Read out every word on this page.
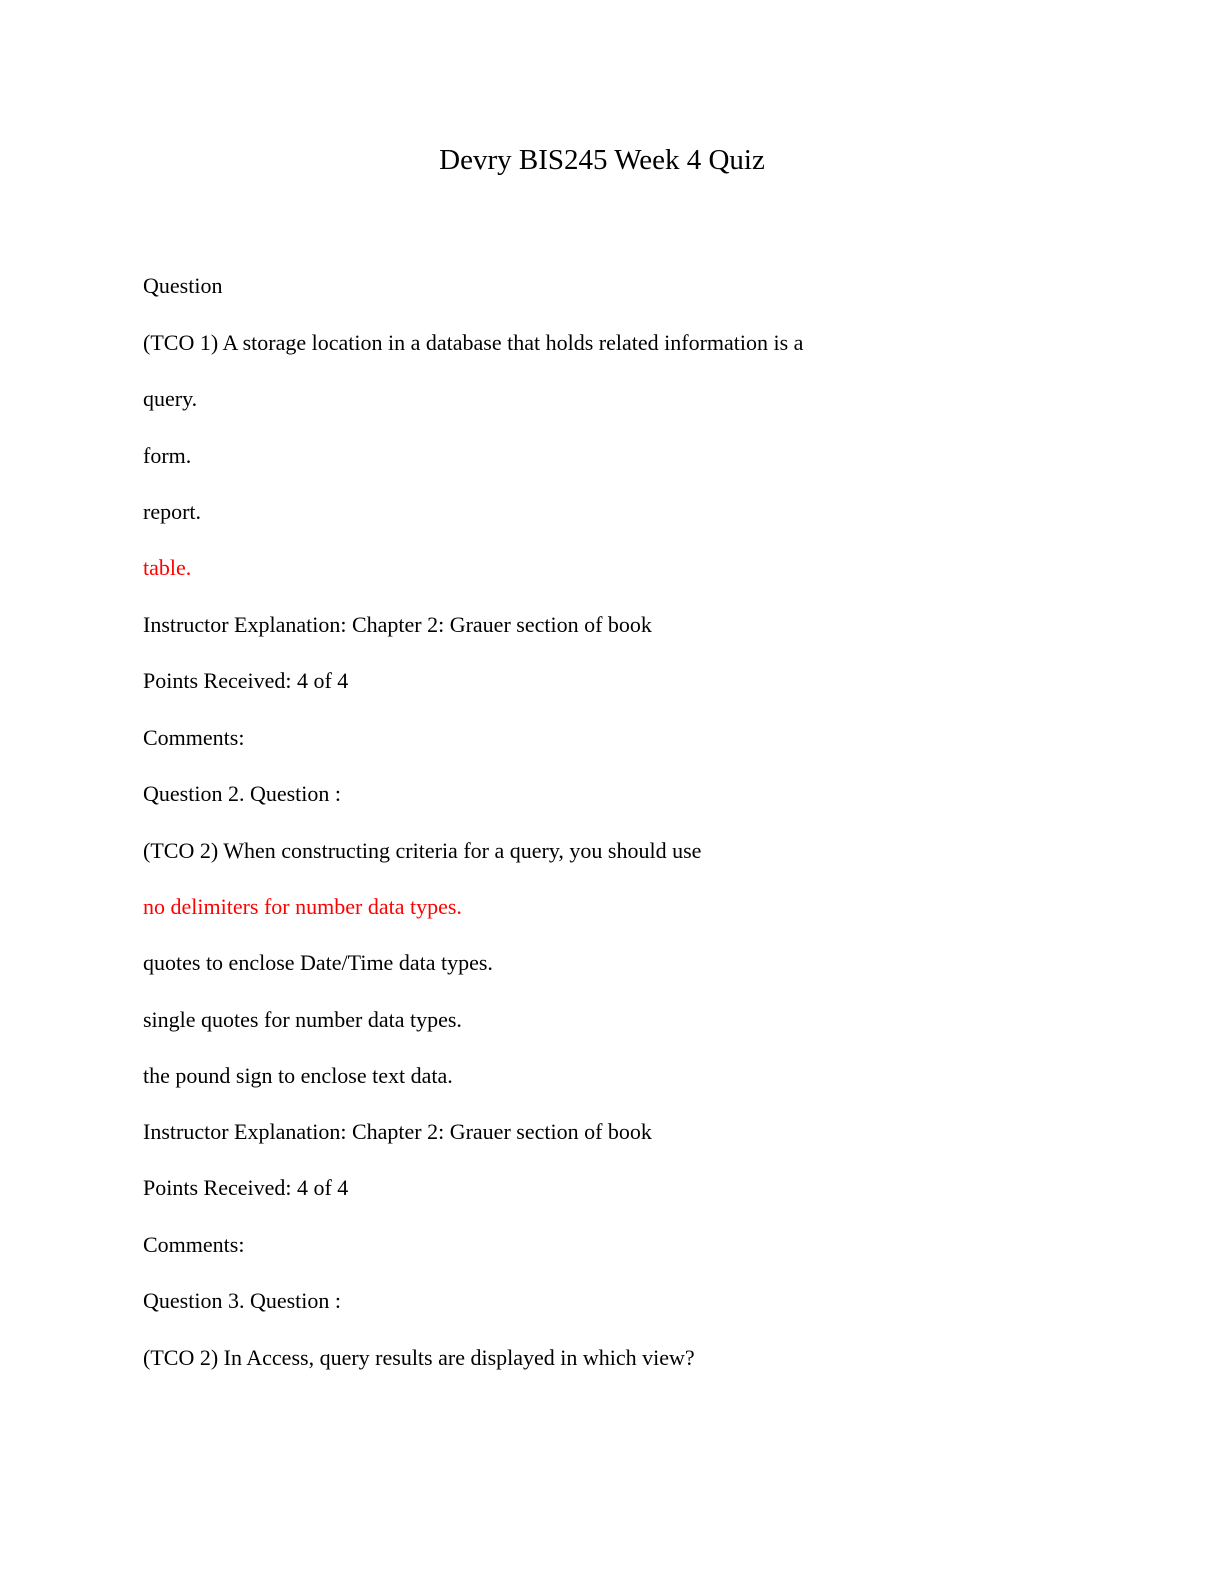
Devry BIS245 Week 4 Quiz

Question

(TCO 1) A storage location in a database that holds related information is a

query.

form.

report.

table.

Instructor Explanation: Chapter 2: Grauer section of book

Points Received: 4 of 4

Comments:

Question 2. Question :

(TCO 2) When constructing criteria for a query, you should use

no delimiters for number data types.

quotes to enclose Date/Time data types.

single quotes for number data types.

the pound sign to enclose text data.

Instructor Explanation: Chapter 2: Grauer section of book

Points Received: 4 of 4

Comments:

Question 3. Question :

(TCO 2) In Access, query results are displayed in which view?
